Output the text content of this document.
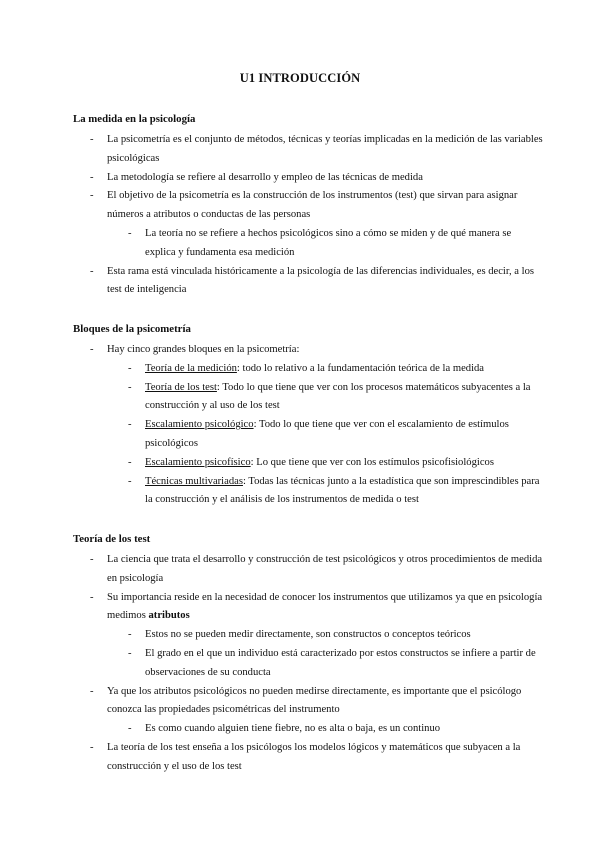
U1 INTRODUCCIÓN

La medida en la psicología

- La psicometría es el conjunto de métodos, técnicas y teorías implicadas en la medición de las variables psicológicas
- La metodología se refiere al desarrollo y empleo de las técnicas de medida
- El objetivo de la psicometría es la construcción de los instrumentos (test) que sirvan para asignar números a atributos o conductas de las personas
- La teoría no se refiere a hechos psicológicos sino a cómo se miden y de qué manera se explica y fundamenta esa medición
- Esta rama está vinculada históricamente a la psicología de las diferencias individuales, es decir, a los test de inteligencia

Bloques de la psicometría

- Hay cinco grandes bloques en la psicometría:
- Teoría de la medición: todo lo relativo a la fundamentación teórica de la medida
- Teoría de los test: Todo lo que tiene que ver con los procesos matemáticos subyacentes a la construcción y al uso de los test
- Escalamiento psicológico: Todo lo que tiene que ver con el escalamiento de estímulos psicológicos
- Escalamiento psicofísico: Lo que tiene que ver con los estímulos psicofisiológicos
- Técnicas multivariadas: Todas las técnicas junto a la estadística que son imprescindibles para la construcción y el análisis de los instrumentos de medida o test

Teoría de los test

- La ciencia que trata el desarrollo y construcción de test psicológicos y otros procedimientos de medida en psicología
- Su importancia reside en la necesidad de conocer los instrumentos que utilizamos ya que en psicología medimos atributos
- Estos no se pueden medir directamente, son constructos o conceptos teóricos
- El grado en el que un individuo está caracterizado por estos constructos se infiere a partir de observaciones de su conducta
- Ya que los atributos psicológicos no pueden medirse directamente, es importante que el psicólogo conozca las propiedades psicométricas del instrumento
- Es como cuando alguien tiene fiebre, no es alta o baja, es un continuo
- La teoría de los test enseña a los psicólogos los modelos lógicos y matemáticos que subyacen a la construcción y el uso de los test
